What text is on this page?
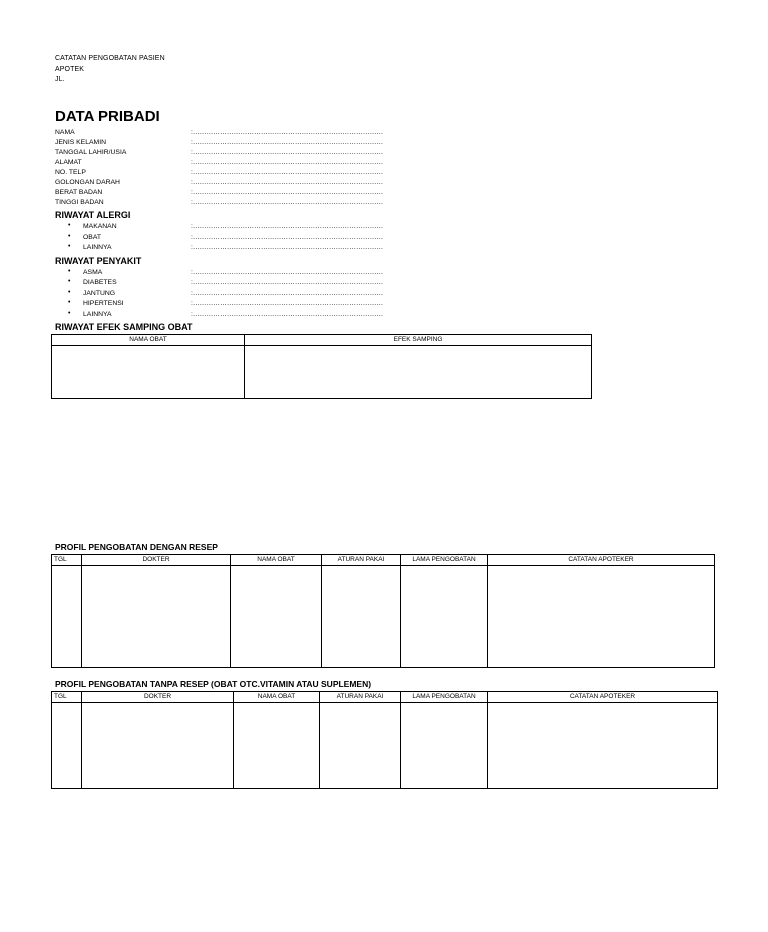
CATATAN PENGOBATAN PASIEN
APOTEK
JL.
DATA PRIBADI
NAMA	:…………………………………………………………………………
JENIS KELAMIN	:…………………………………………………………………………
TANGGAL LAHIR/USIA	:…………………………………………………………………………
ALAMAT	:…………………………………………………………………………
NO. TELP	:…………………………………………………………………………
GOLONGAN DARAH	:…………………………………………………………………………
BERAT BADAN	:…………………………………………………………………………
TINGGI BADAN	:…………………………………………………………………………
RIWAYAT ALERGI
• MAKANAN	:…………………………………………………………………………
• OBAT	:…………………………………………………………………………
• LAINNYA	:…………………………………………………………………………
RIWAYAT PENYAKIT
• ASMA	:…………………………………………………………………………
• DIABETES	:…………………………………………………………………………
• JANTUNG	:…………………………………………………………………………
• HIPERTENSI	:…………………………………………………………………………
• LAINNYA	:…………………………………………………………………………
RIWAYAT EFEK SAMPING OBAT
NAMA OBAT	EFEK SAMPING

PROFIL PENGOBATAN DENGAN RESEP
TGL	DOKTER	NAMA OBAT	ATURAN PAKAI	LAMA PENGOBATAN	CATATAN APOTEKER

PROFIL PENGOBATAN TANPA RESEP (OBAT OTC.VITAMIN ATAU SUPLEMEN)
TGL	DOKTER	NAMA OBAT	ATURAN PAKAI	LAMA PENGOBATAN	CATATAN APOTEKER
